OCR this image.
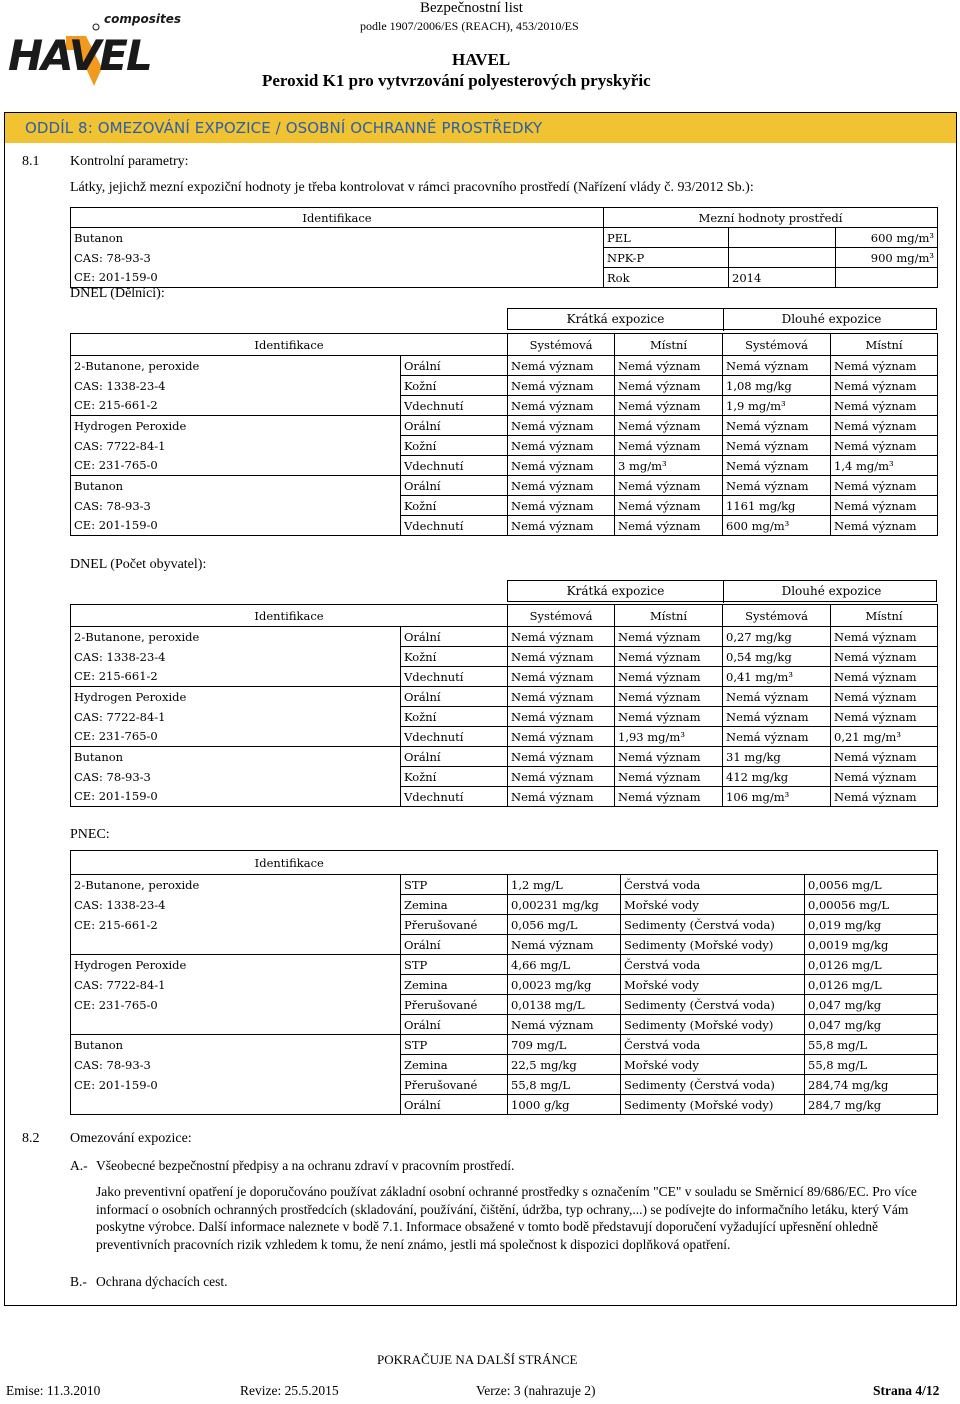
composites
HAVEL
Bezpečnostní list
podle 1907/2006/ES (REACH), 453/2010/ES
HAVEL
Peroxid K1 pro vytvrzování polyesterových pryskyřic
ODDÍL 8: OMEZOVÁNÍ EXPOZICE / OSOBNÍ OCHRANNÉ PROSTŘEDKY
8.1 Kontrolní parametry:
Látky, jejichž mezní expoziční hodnoty je třeba kontrolovat v rámci pracovního prostředí (Nařízení vlády č. 93/2012 Sb.):
Identifikace	Mezní hodnoty prostředí		
Butanon	PEL		600 mg/m³
CAS: 78-93-3	NPK-P		900 mg/m³
CE: 201-159-0	Rok	2014	
DNEL (Dělníci):
Krátká expozice	Dlouhé expozice
Identifikace		Systémová	Místní	Systémová	Místní
2-Butanone, peroxide	Orální	Nemá význam	Nemá význam	Nemá význam	Nemá význam
CAS: 1338-23-4	Kožní	Nemá význam	Nemá význam	1,08 mg/kg	Nemá význam
CE: 215-661-2	Vdechnutí	Nemá význam	Nemá význam	1,9 mg/m³	Nemá význam
Hydrogen Peroxide	Orální	Nemá význam	Nemá význam	Nemá význam	Nemá význam
CAS: 7722-84-1	Kožní	Nemá význam	Nemá význam	Nemá význam	Nemá význam
CE: 231-765-0	Vdechnutí	Nemá význam	3 mg/m³	Nemá význam	1,4 mg/m³
Butanon	Orální	Nemá význam	Nemá význam	Nemá význam	Nemá význam
CAS: 78-93-3	Kožní	Nemá význam	Nemá význam	1161 mg/kg	Nemá význam
CE: 201-159-0	Vdechnutí	Nemá význam	Nemá význam	600 mg/m³	Nemá význam
DNEL (Počet obyvatel):
Krátká expozice	Dlouhé expozice
Identifikace		Systémová	Místní	Systémová	Místní
2-Butanone, peroxide	Orální	Nemá význam	Nemá význam	0,27 mg/kg	Nemá význam
CAS: 1338-23-4	Kožní	Nemá význam	Nemá význam	0,54 mg/kg	Nemá význam
CE: 215-661-2	Vdechnutí	Nemá význam	Nemá význam	0,41 mg/m³	Nemá význam
Hydrogen Peroxide	Orální	Nemá význam	Nemá význam	Nemá význam	Nemá význam
CAS: 7722-84-1	Kožní	Nemá význam	Nemá význam	Nemá význam	Nemá význam
CE: 231-765-0	Vdechnutí	Nemá význam	1,93 mg/m³	Nemá význam	0,21 mg/m³
Butanon	Orální	Nemá význam	Nemá význam	31 mg/kg	Nemá význam
CAS: 78-93-3	Kožní	Nemá význam	Nemá význam	412 mg/kg	Nemá význam
CE: 201-159-0	Vdechnutí	Nemá význam	Nemá význam	106 mg/m³	Nemá význam
PNEC:
Identifikace				
2-Butanone, peroxide	STP	1,2 mg/L	Čerstvá voda	0,0056 mg/L
CAS: 1338-23-4	Zemina	0,00231 mg/kg	Mořské vody	0,00056 mg/L
CE: 215-661-2	Přerušované	0,056 mg/L	Sedimenty (Čerstvá voda)	0,019 mg/kg
	Orální	Nemá význam	Sedimenty (Mořské vody)	0,0019 mg/kg
Hydrogen Peroxide	STP	4,66 mg/L	Čerstvá voda	0,0126 mg/L
CAS: 7722-84-1	Zemina	0,0023 mg/kg	Mořské vody	0,0126 mg/L
CE: 231-765-0	Přerušované	0,0138 mg/L	Sedimenty (Čerstvá voda)	0,047 mg/kg
	Orální	Nemá význam	Sedimenty (Mořské vody)	0,047 mg/kg
Butanon	STP	709 mg/L	Čerstvá voda	55,8 mg/L
CAS: 78-93-3	Zemina	22,5 mg/kg	Mořské vody	55,8 mg/L
CE: 201-159-0	Přerušované	55,8 mg/L	Sedimenty (Čerstvá voda)	284,74 mg/kg
	Orální	1000 g/kg	Sedimenty (Mořské vody)	284,7 mg/kg
8.2 Omezování expozice:
A.- Všeobecné bezpečnostní předpisy a na ochranu zdraví v pracovním prostředí.
Jako preventivní opatření je doporučováno používat základní osobní ochranné prostředky s označením "CE" v souladu se Směrnicí 89/686/EC. Pro více informací o osobních ochranných prostředcích (skladování, používání, čištění, údržba, typ ochrany,...) se podívejte do informačního letáku, který Vám poskytne výrobce. Další informace naleznete v bodě 7.1. Informace obsažené v tomto bodě představují doporučení vyžadující upřesnění ohledně preventivních pracovních rizik vzhledem k tomu, že není známo, jestli má společnost k dispozici doplňková opatření.
B.- Ochrana dýchacích cest.
POKRAČUJE NA DALŠÍ STRÁNCE
Emise: 11.3.2010	Revize: 25.5.2015	Verze: 3 (nahrazuje 2)	Strana 4/12
